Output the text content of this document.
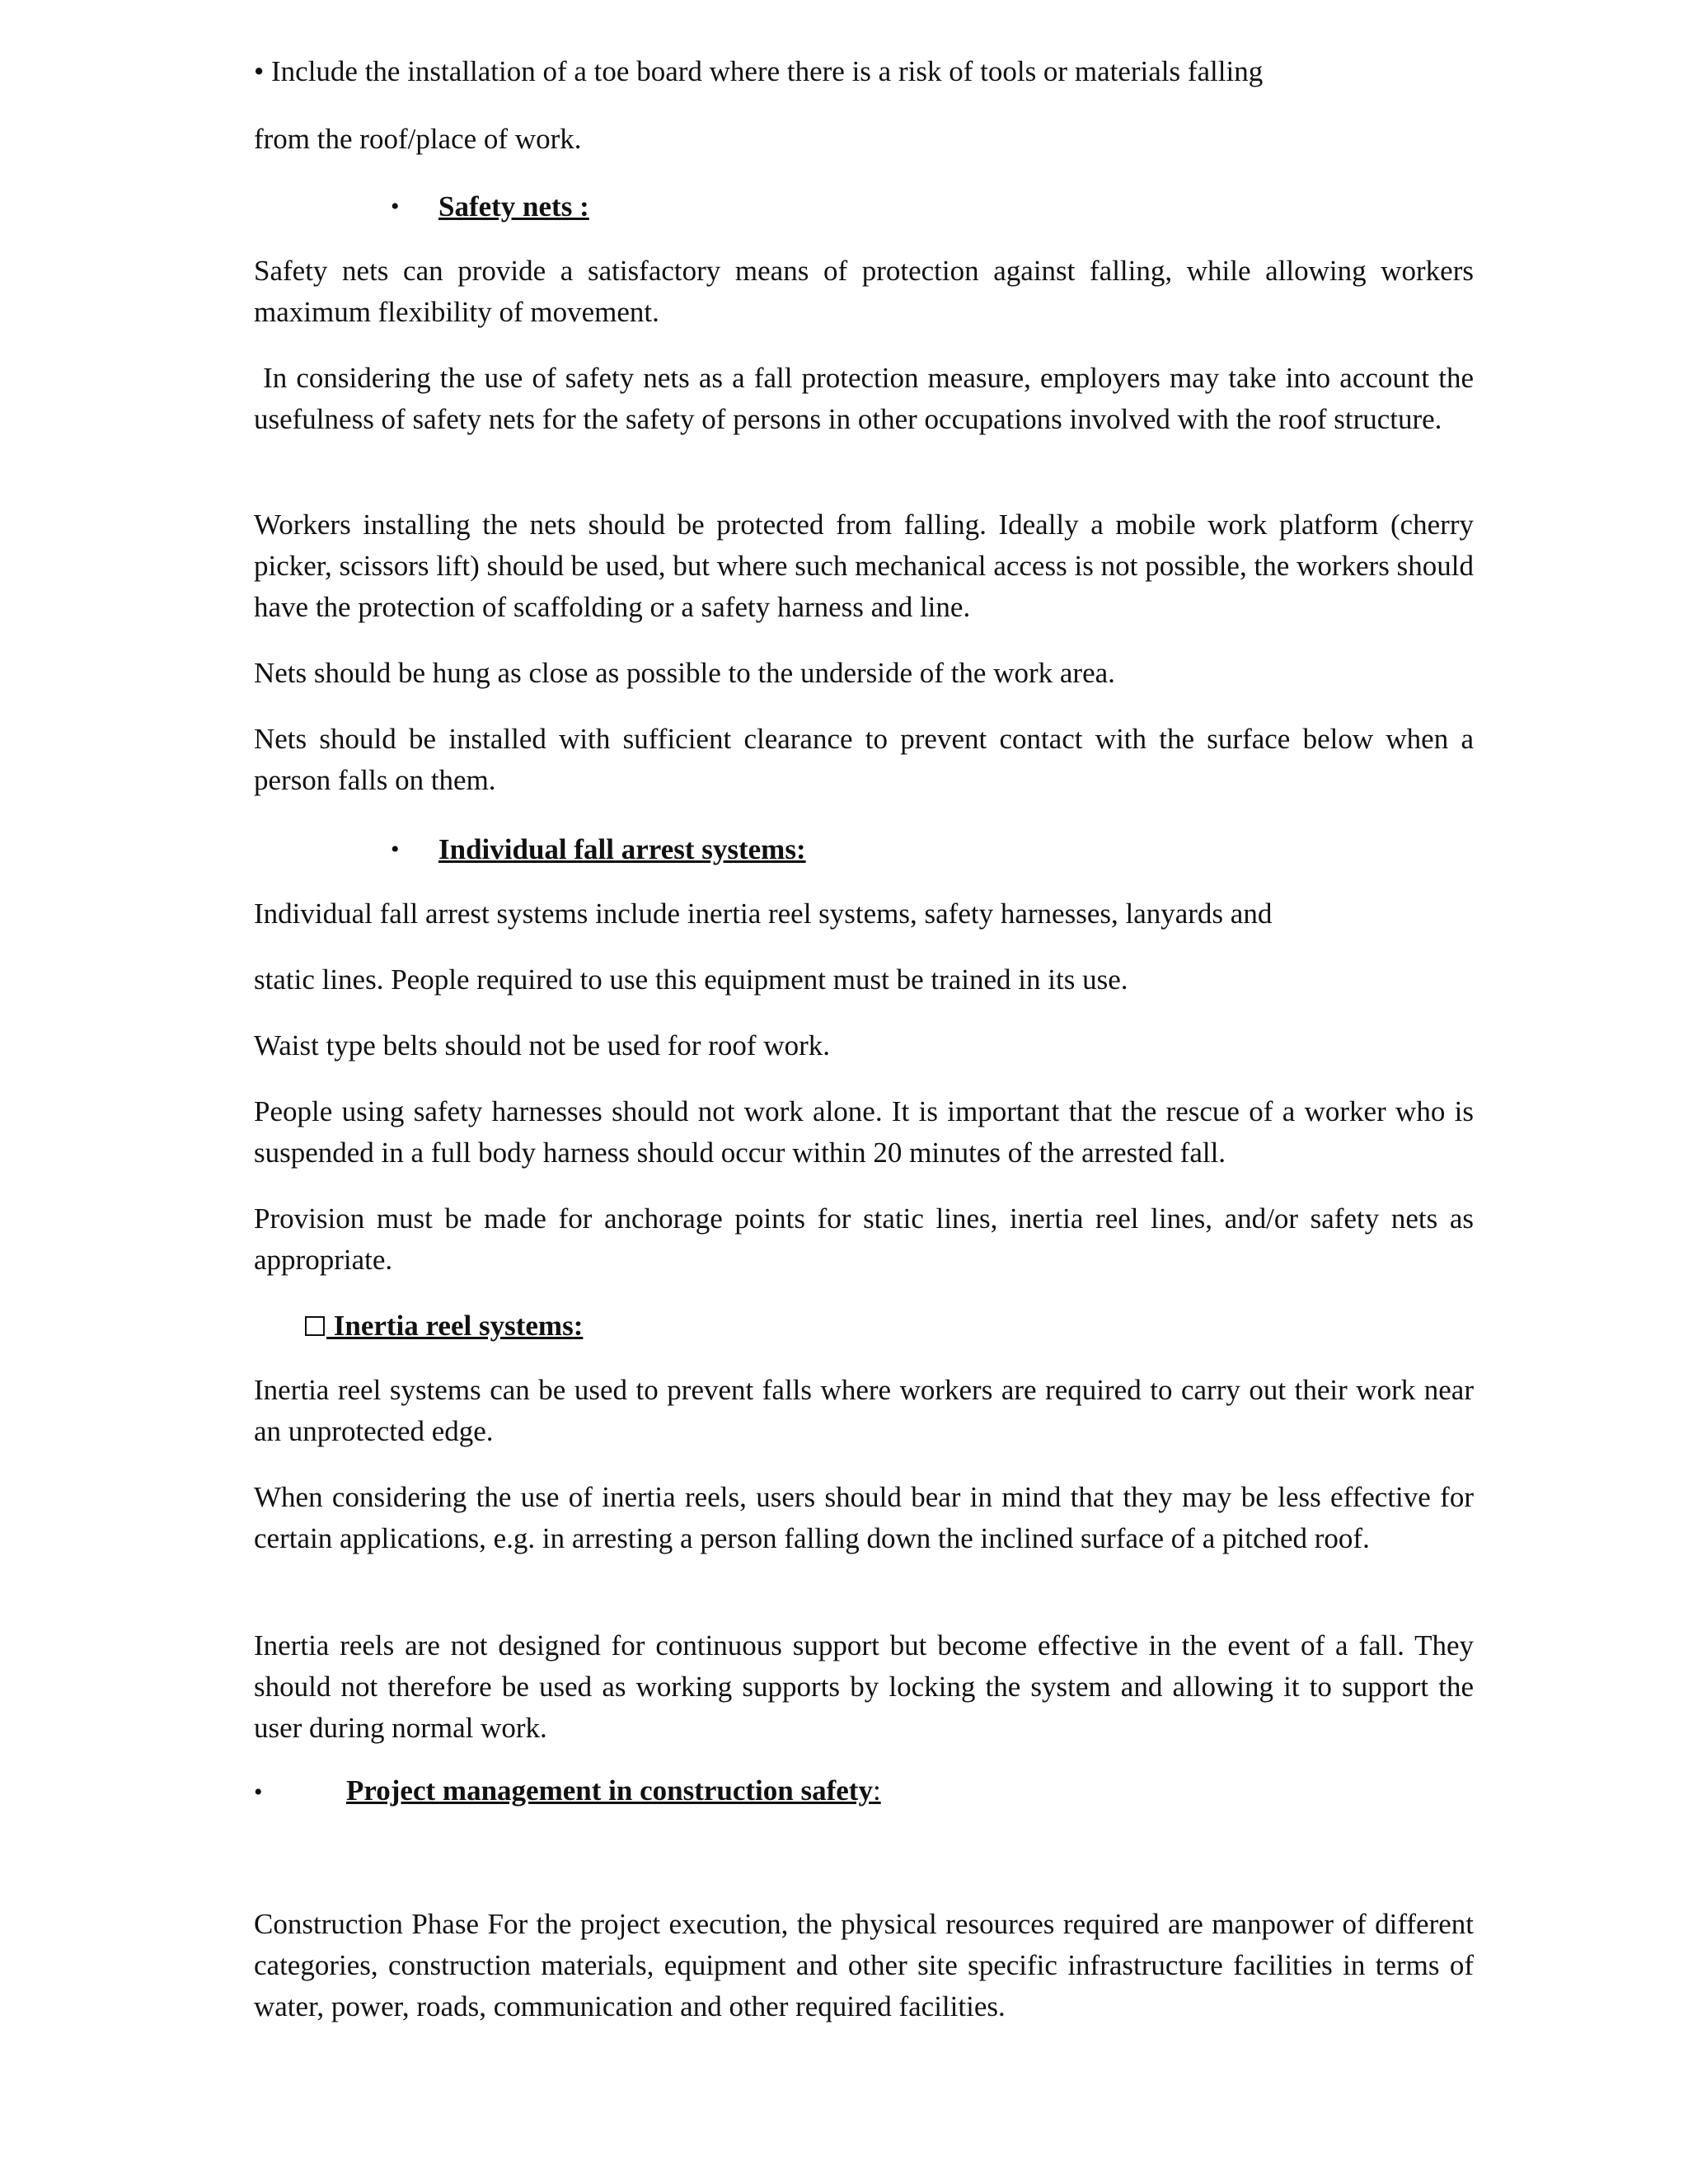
• Include the installation of a toe board where there is a risk of tools or materials falling

from the roof/place of work.

• Safety nets :

Safety nets can provide a satisfactory means of protection against falling, while allowing workers maximum flexibility of movement.

In considering the use of safety nets as a fall protection measure, employers may take into account the usefulness of safety nets for the safety of persons in other occupations involved with the roof structure.

Workers installing the nets should be protected from falling. Ideally a mobile work platform (cherry picker, scissors lift) should be used, but where such mechanical access is not possible, the workers should have the protection of scaffolding or a safety harness and line.

Nets should be hung as close as possible to the underside of the work area.

Nets should be installed with sufficient clearance to prevent contact with the surface below when a person falls on them.

• Individual fall arrest systems:

Individual fall arrest systems include inertia reel systems, safety harnesses, lanyards and

static lines. People required to use this equipment must be trained in its use.

Waist type belts should not be used for roof work.

People using safety harnesses should not work alone. It is important that the rescue of a worker who is suspended in a full body harness should occur within 20 minutes of the arrested fall.

Provision must be made for anchorage points for static lines, inertia reel lines, and/or safety nets as appropriate.

Inertia reel systems:

Inertia reel systems can be used to prevent falls where workers are required to carry out their work near an unprotected edge.

When considering the use of inertia reels, users should bear in mind that they may be less effective for certain applications, e.g. in arresting a person falling down the inclined surface of a pitched roof.

Inertia reels are not designed for continuous support but become effective in the event of a fall. They should not therefore be used as working supports by locking the system and allowing it to support the user during normal work.

•	Project management in construction safety:

Construction Phase For the project execution, the physical resources required are manpower of different categories, construction materials, equipment and other site specific infrastructure facilities in terms of water, power, roads, communication and other required facilities.
